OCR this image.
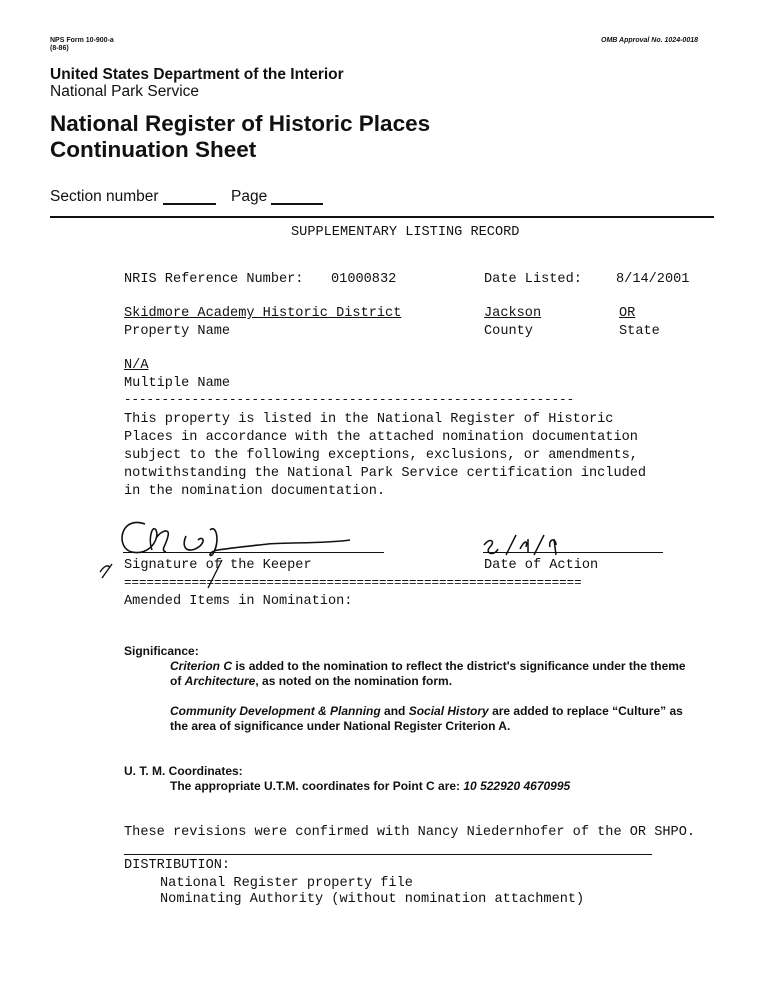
NPS Form 10-900-a
(8-86)
OMB Approval No. 1024-0018
United States Department of the Interior
National Park Service
National Register of Historic Places
Continuation Sheet
Section number	Page
SUPPLEMENTARY LISTING RECORD
NRIS Reference Number: 01000832	Date Listed:	8/14/2001
Skidmore Academy Historic District	Jackson	OR
Property Name	County	State
N/A
Multiple Name
------------------------------------------------------------
This property is listed in the National Register of Historic
Places in accordance with the attached nomination documentation
subject to the following exceptions, exclusions, or amendments,
notwithstanding the National Park Service certification included
in the nomination documentation.
Signature of the Keeper	Date of Action
=============================================================
Amended Items in Nomination:
Significance:
Criterion C is added to the nomination to reflect the district's significance under the theme
of Architecture, as noted on the nomination form.
Community Development & Planning and Social History are added to replace “Culture” as
the area of significance under National Register Criterion A.
U. T. M. Coordinates:
The appropriate U.T.M. coordinates for Point C are: 10 522920 4670995
These revisions were confirmed with Nancy Niedernhofer of the OR SHPO.
DISTRIBUTION:
National Register property file
Nominating Authority (without nomination attachment)
